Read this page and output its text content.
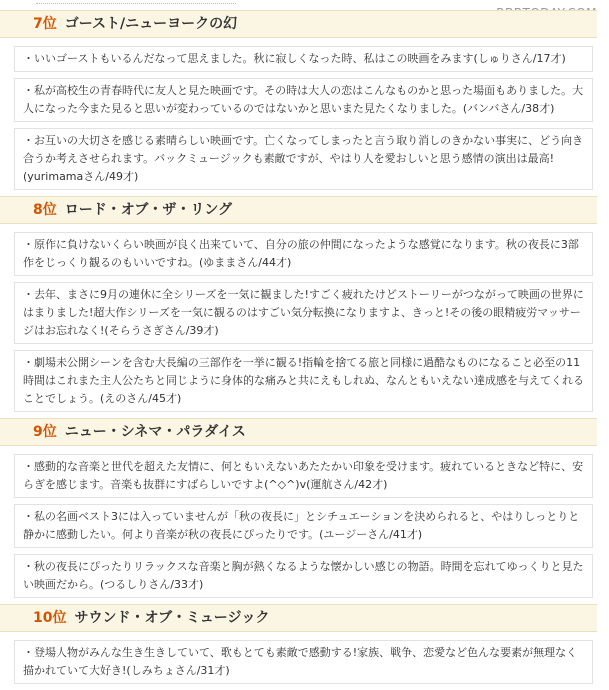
7位 ゴースト/ニューヨークの幻
・いいゴーストもいるんだなって思えました。秋に寂しくなった時、私はこの映画をみます(しゅりさん/17才)
・私が高校生の青春時代に友人と見た映画です。その時は大人の恋はこんなものかと思った場面もありました。大人になった今また見ると思いが変わっているのではないかと思いまた見たくなりました。(バンバさん/38才)
・お互いの大切さを感じる素晴らしい映画です。亡くなってしまったと言う取り消しのきかない事実に、どう向き合うか考えさせられます。バックミュージックも素敵ですが、やはり人を愛おしいと思う感情の演出は最高!(yurimamaさん/49才)
8位 ロード・オブ・ザ・リング
・原作に負けないくらい映画が良く出来ていて、自分の旅の仲間になったような感覚になります。秋の夜長に3部作をじっくり観るのもいいですね。(ゆままさん/44才)
・去年、まさに9月の連休に全シリーズを一気に観ました!すごく疲れたけどストーリーがつながって映画の世界にはまりました!超大作シリーズを一気に観るのはすごい気分転換になりますよ、きっと!その後の眼精疲労マッサージはお忘れなく!(そらうさぎさん/39才)
・劇場未公開シーンを含む大長編の三部作を一挙に観る!指輪を捨てる旅と同様に過酷なものになること必至の11時間はこれまた主人公たちと同じように身体的な痛みと共にえもしれぬ、なんともいえない達成感を与えてくれることでしょう。(えのさん/45才)
9位 ニュー・シネマ・パラダイス
・感動的な音楽と世代を超えた友情に、何ともいえないあたたかい印象を受けます。疲れているときなど特に、安らぎを感じます。音楽も抜群にすばらしいですよ(^◇^)v(運航さん/42才)
・私の名画ベスト3には入っていませんが「秋の夜長に」とシチュエーションを決められると、やはりしっとりと静かに感動したい。何より音楽が秋の夜長にぴったりです。(ユージーさん/41才)
・秋の夜長にぴったりリラックスな音楽と胸が熱くなるような懐かしい感じの物語。時間を忘れてゆっくりと見たい映画だから。(つるしりさん/33才)
10位 サウンド・オブ・ミュージック
・登場人物がみんな生き生きしていて、歌もとても素敵で感動する!家族、戦争、恋愛など色んな要素が無理なく描かれていて大好き!(しみちょさん/31才)
